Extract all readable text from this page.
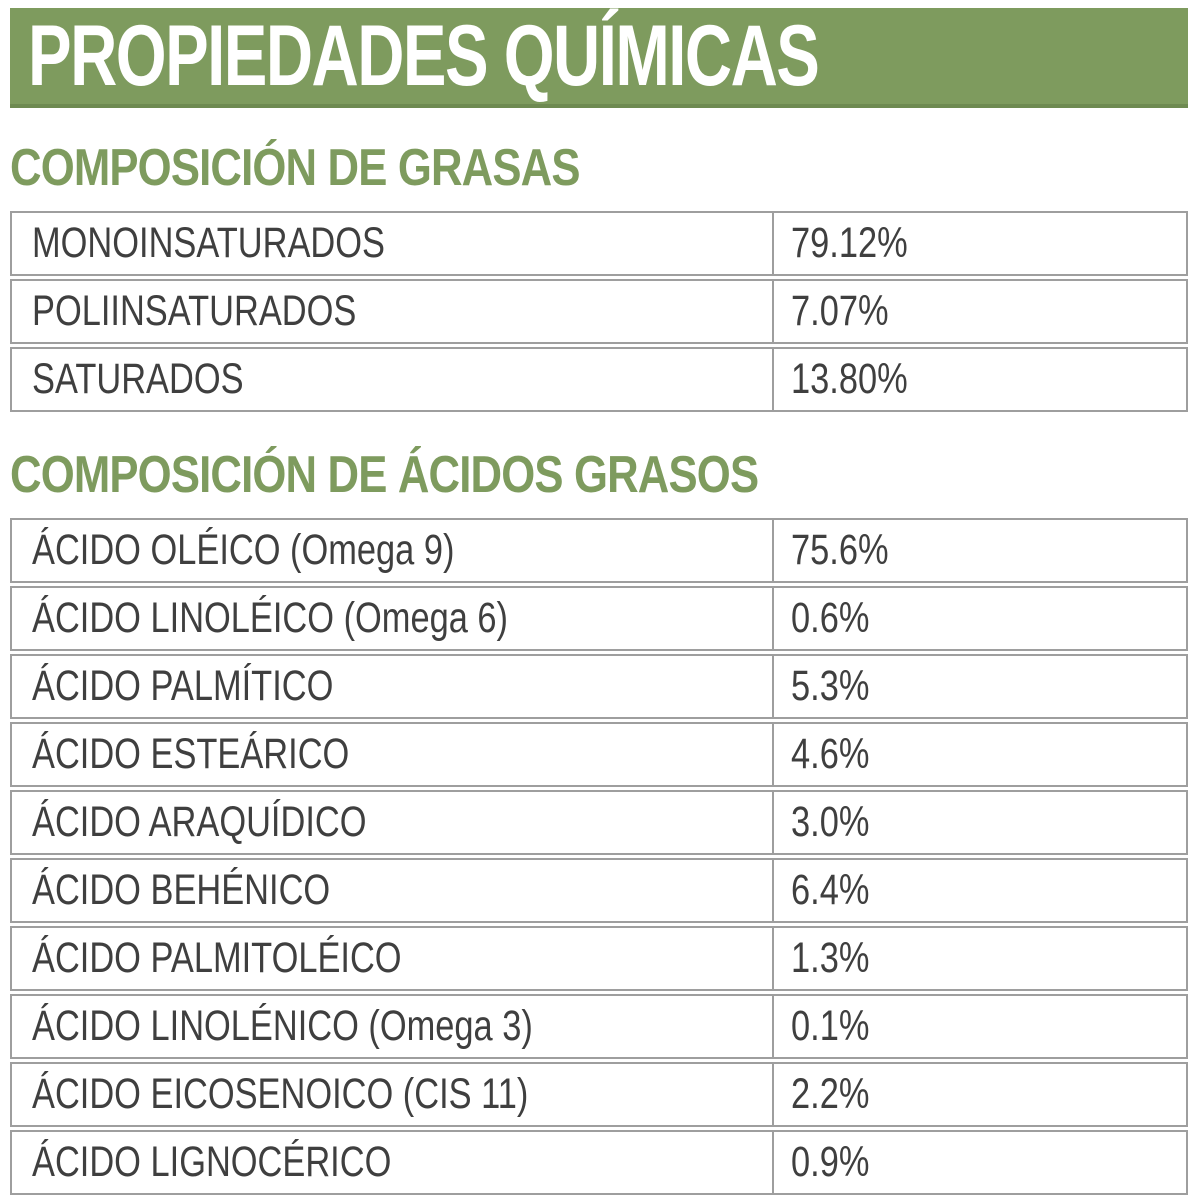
PROPIEDADES QUÍMICAS
COMPOSICIÓN DE GRASAS
MONOINSATURADOS	79.12%
POLIINSATURADOS	7.07%
SATURADOS	13.80%
COMPOSICIÓN DE ÁCIDOS GRASOS
ÁCIDO OLÉICO (Omega 9)	75.6%
ÁCIDO LINOLÉICO (Omega 6)	0.6%
ÁCIDO PALMÍTICO	5.3%
ÁCIDO ESTEÁRICO	4.6%
ÁCIDO ARAQUÍDICO	3.0%
ÁCIDO BEHÉNICO	6.4%
ÁCIDO PALMITOLÉICO	1.3%
ÁCIDO LINOLÉNICO (Omega 3)	0.1%
ÁCIDO EICOSENOICO (CIS 11)	2.2%
ÁCIDO LIGNOCÉRICO	0.9%
